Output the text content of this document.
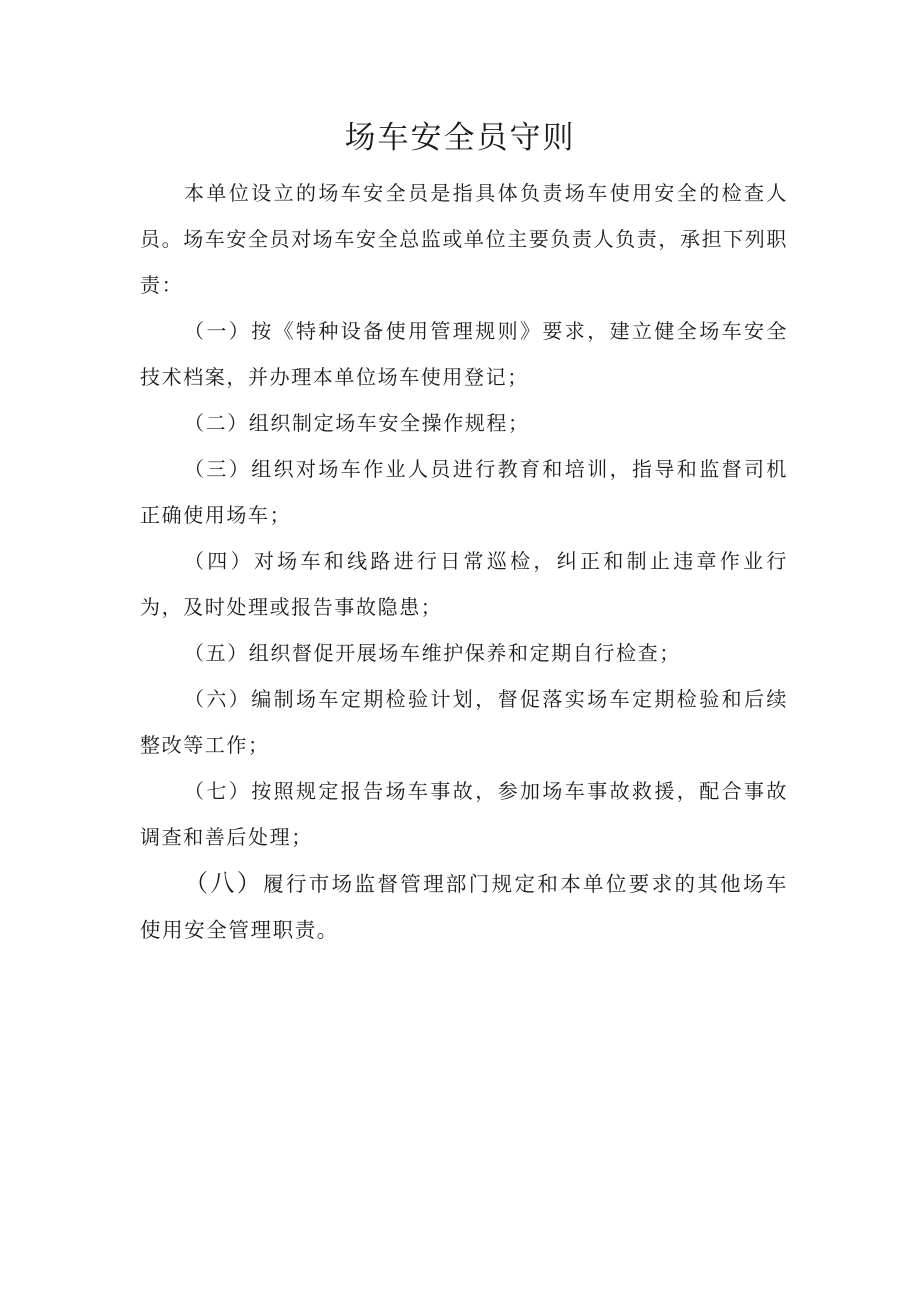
场车安全员守则

本单位设立的场车安全员是指具体负责场车使用安全的检查人员。场车安全员对场车安全总监或单位主要负责人负责，承担下列职责：

（一）按《特种设备使用管理规则》要求，建立健全场车安全技术档案，并办理本单位场车使用登记；

（二）组织制定场车安全操作规程；

（三）组织对场车作业人员进行教育和培训，指导和监督司机正确使用场车；

（四）对场车和线路进行日常巡检，纠正和制止违章作业行为，及时处理或报告事故隐患；

（五）组织督促开展场车维护保养和定期自行检查；

（六）编制场车定期检验计划，督促落实场车定期检验和后续整改等工作；

（七）按照规定报告场车事故，参加场车事故救援，配合事故调查和善后处理；

（八）履行市场监督管理部门规定和本单位要求的其他场车使用安全管理职责。
